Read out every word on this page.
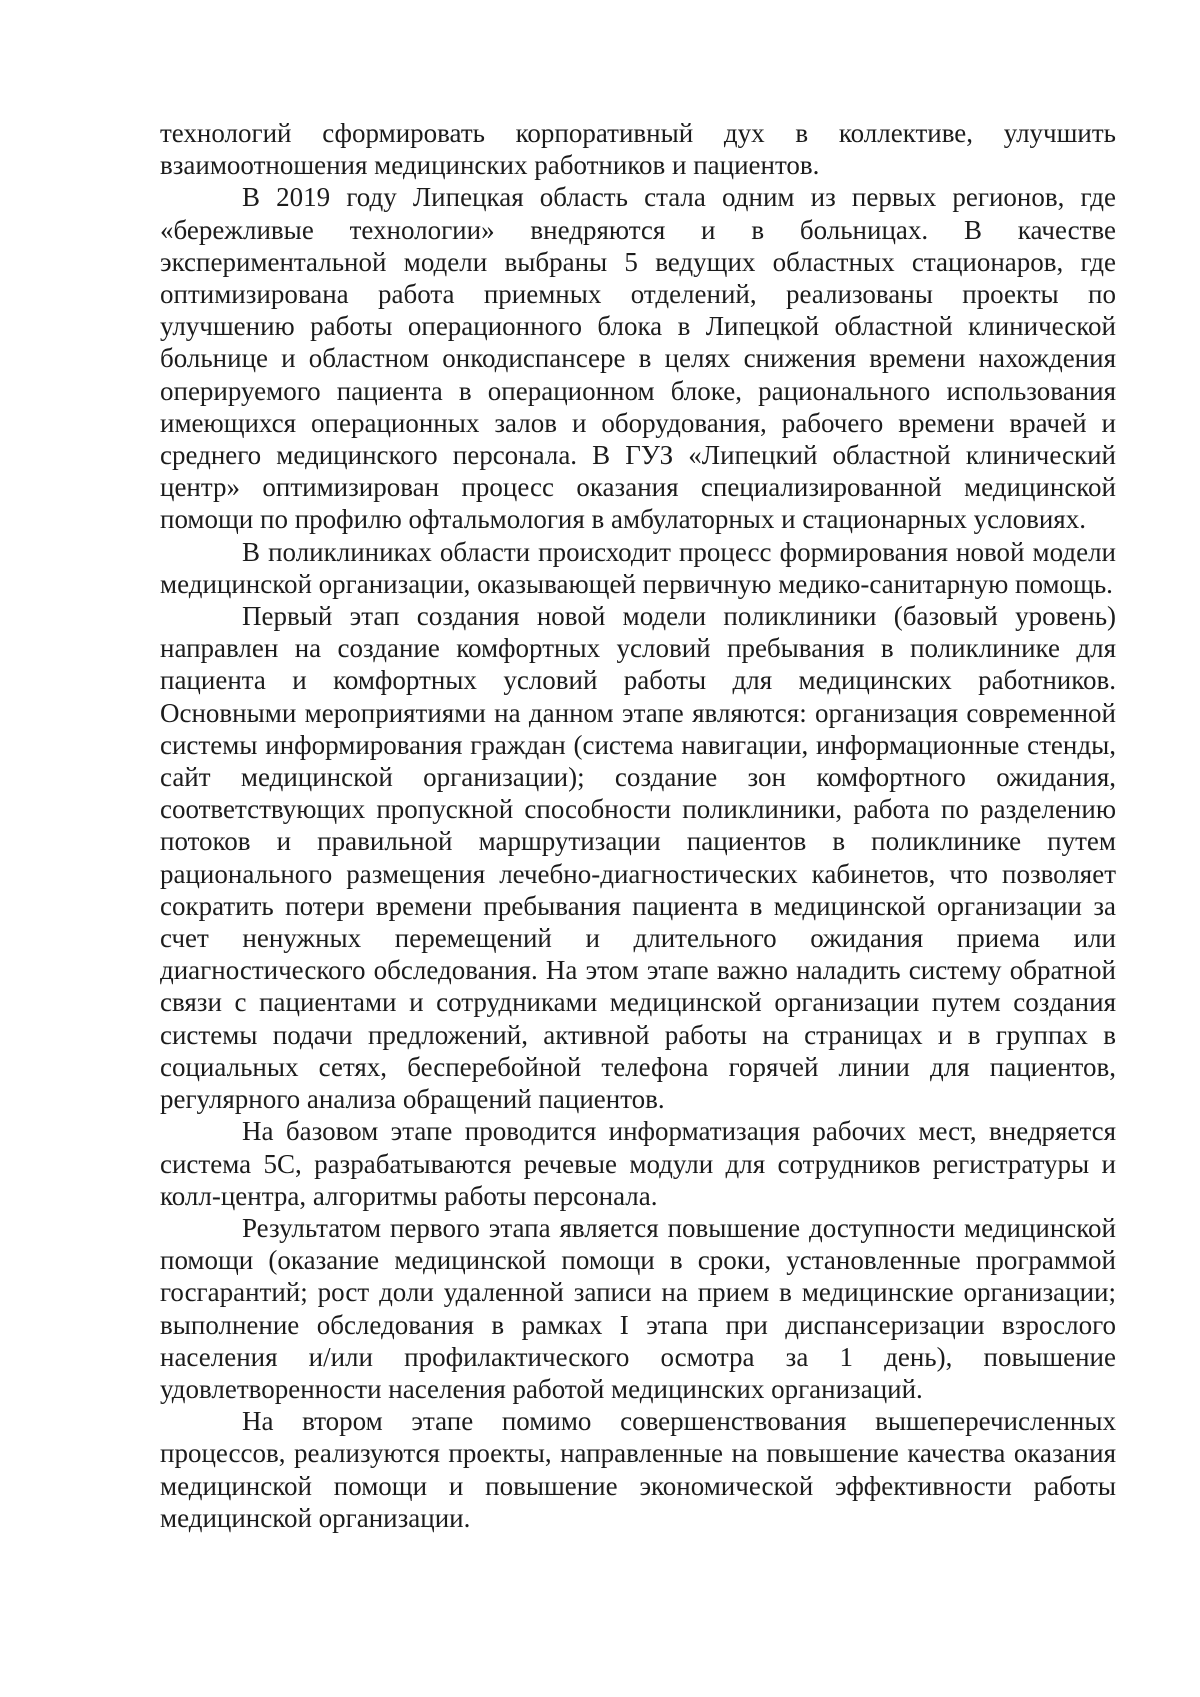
технологий сформировать корпоративный дух в коллективе, улучшить взаимоотношения медицинских работников и пациентов.

В 2019 году Липецкая область стала одним из первых регионов, где «бережливые технологии» внедряются и в больницах. В качестве экспериментальной модели выбраны 5 ведущих областных стационаров, где оптимизирована работа приемных отделений, реализованы проекты по улучшению работы операционного блока в Липецкой областной клинической больнице и областном онкодиспансере в целях снижения времени нахождения оперируемого пациента в операционном блоке, рационального использования имеющихся операционных залов и оборудования, рабочего времени врачей и среднего медицинского персонала. В ГУЗ «Липецкий областной клинический центр» оптимизирован процесс оказания специализированной медицинской помощи по профилю офтальмология в амбулаторных и стационарных условиях.

В поликлиниках области происходит процесс формирования новой модели медицинской организации, оказывающей первичную медико-санитарную помощь.

Первый этап создания новой модели поликлиники (базовый уровень) направлен на создание комфортных условий пребывания в поликлинике для пациента и комфортных условий работы для медицинских работников. Основными мероприятиями на данном этапе являются: организация современной системы информирования граждан (система навигации, информационные стенды, сайт медицинской организации); создание зон комфортного ожидания, соответствующих пропускной способности поликлиники, работа по разделению потоков и правильной маршрутизации пациентов в поликлинике путем рационального размещения лечебно-диагностических кабинетов, что позволяет сократить потери времени пребывания пациента в медицинской организации за счет ненужных перемещений и длительного ожидания приема или диагностического обследования. На этом этапе важно наладить систему обратной связи с пациентами и сотрудниками медицинской организации путем создания системы подачи предложений, активной работы на страницах и в группах в социальных сетях, бесперебойной телефона горячей линии для пациентов, регулярного анализа обращений пациентов.

На базовом этапе проводится информатизация рабочих мест, внедряется система 5С, разрабатываются речевые модули для сотрудников регистратуры и колл-центра, алгоритмы работы персонала.

Результатом первого этапа является повышение доступности медицинской помощи (оказание медицинской помощи в сроки, установленные программой госгарантий; рост доли удаленной записи на прием в медицинские организации; выполнение обследования в рамках I этапа при диспансеризации взрослого населения и/или профилактического осмотра за 1 день), повышение удовлетворенности населения работой медицинских организаций.

На втором этапе помимо совершенствования вышеперечисленных процессов, реализуются проекты, направленные на повышение качества оказания медицинской помощи и повышение экономической эффективности работы медицинской организации.
